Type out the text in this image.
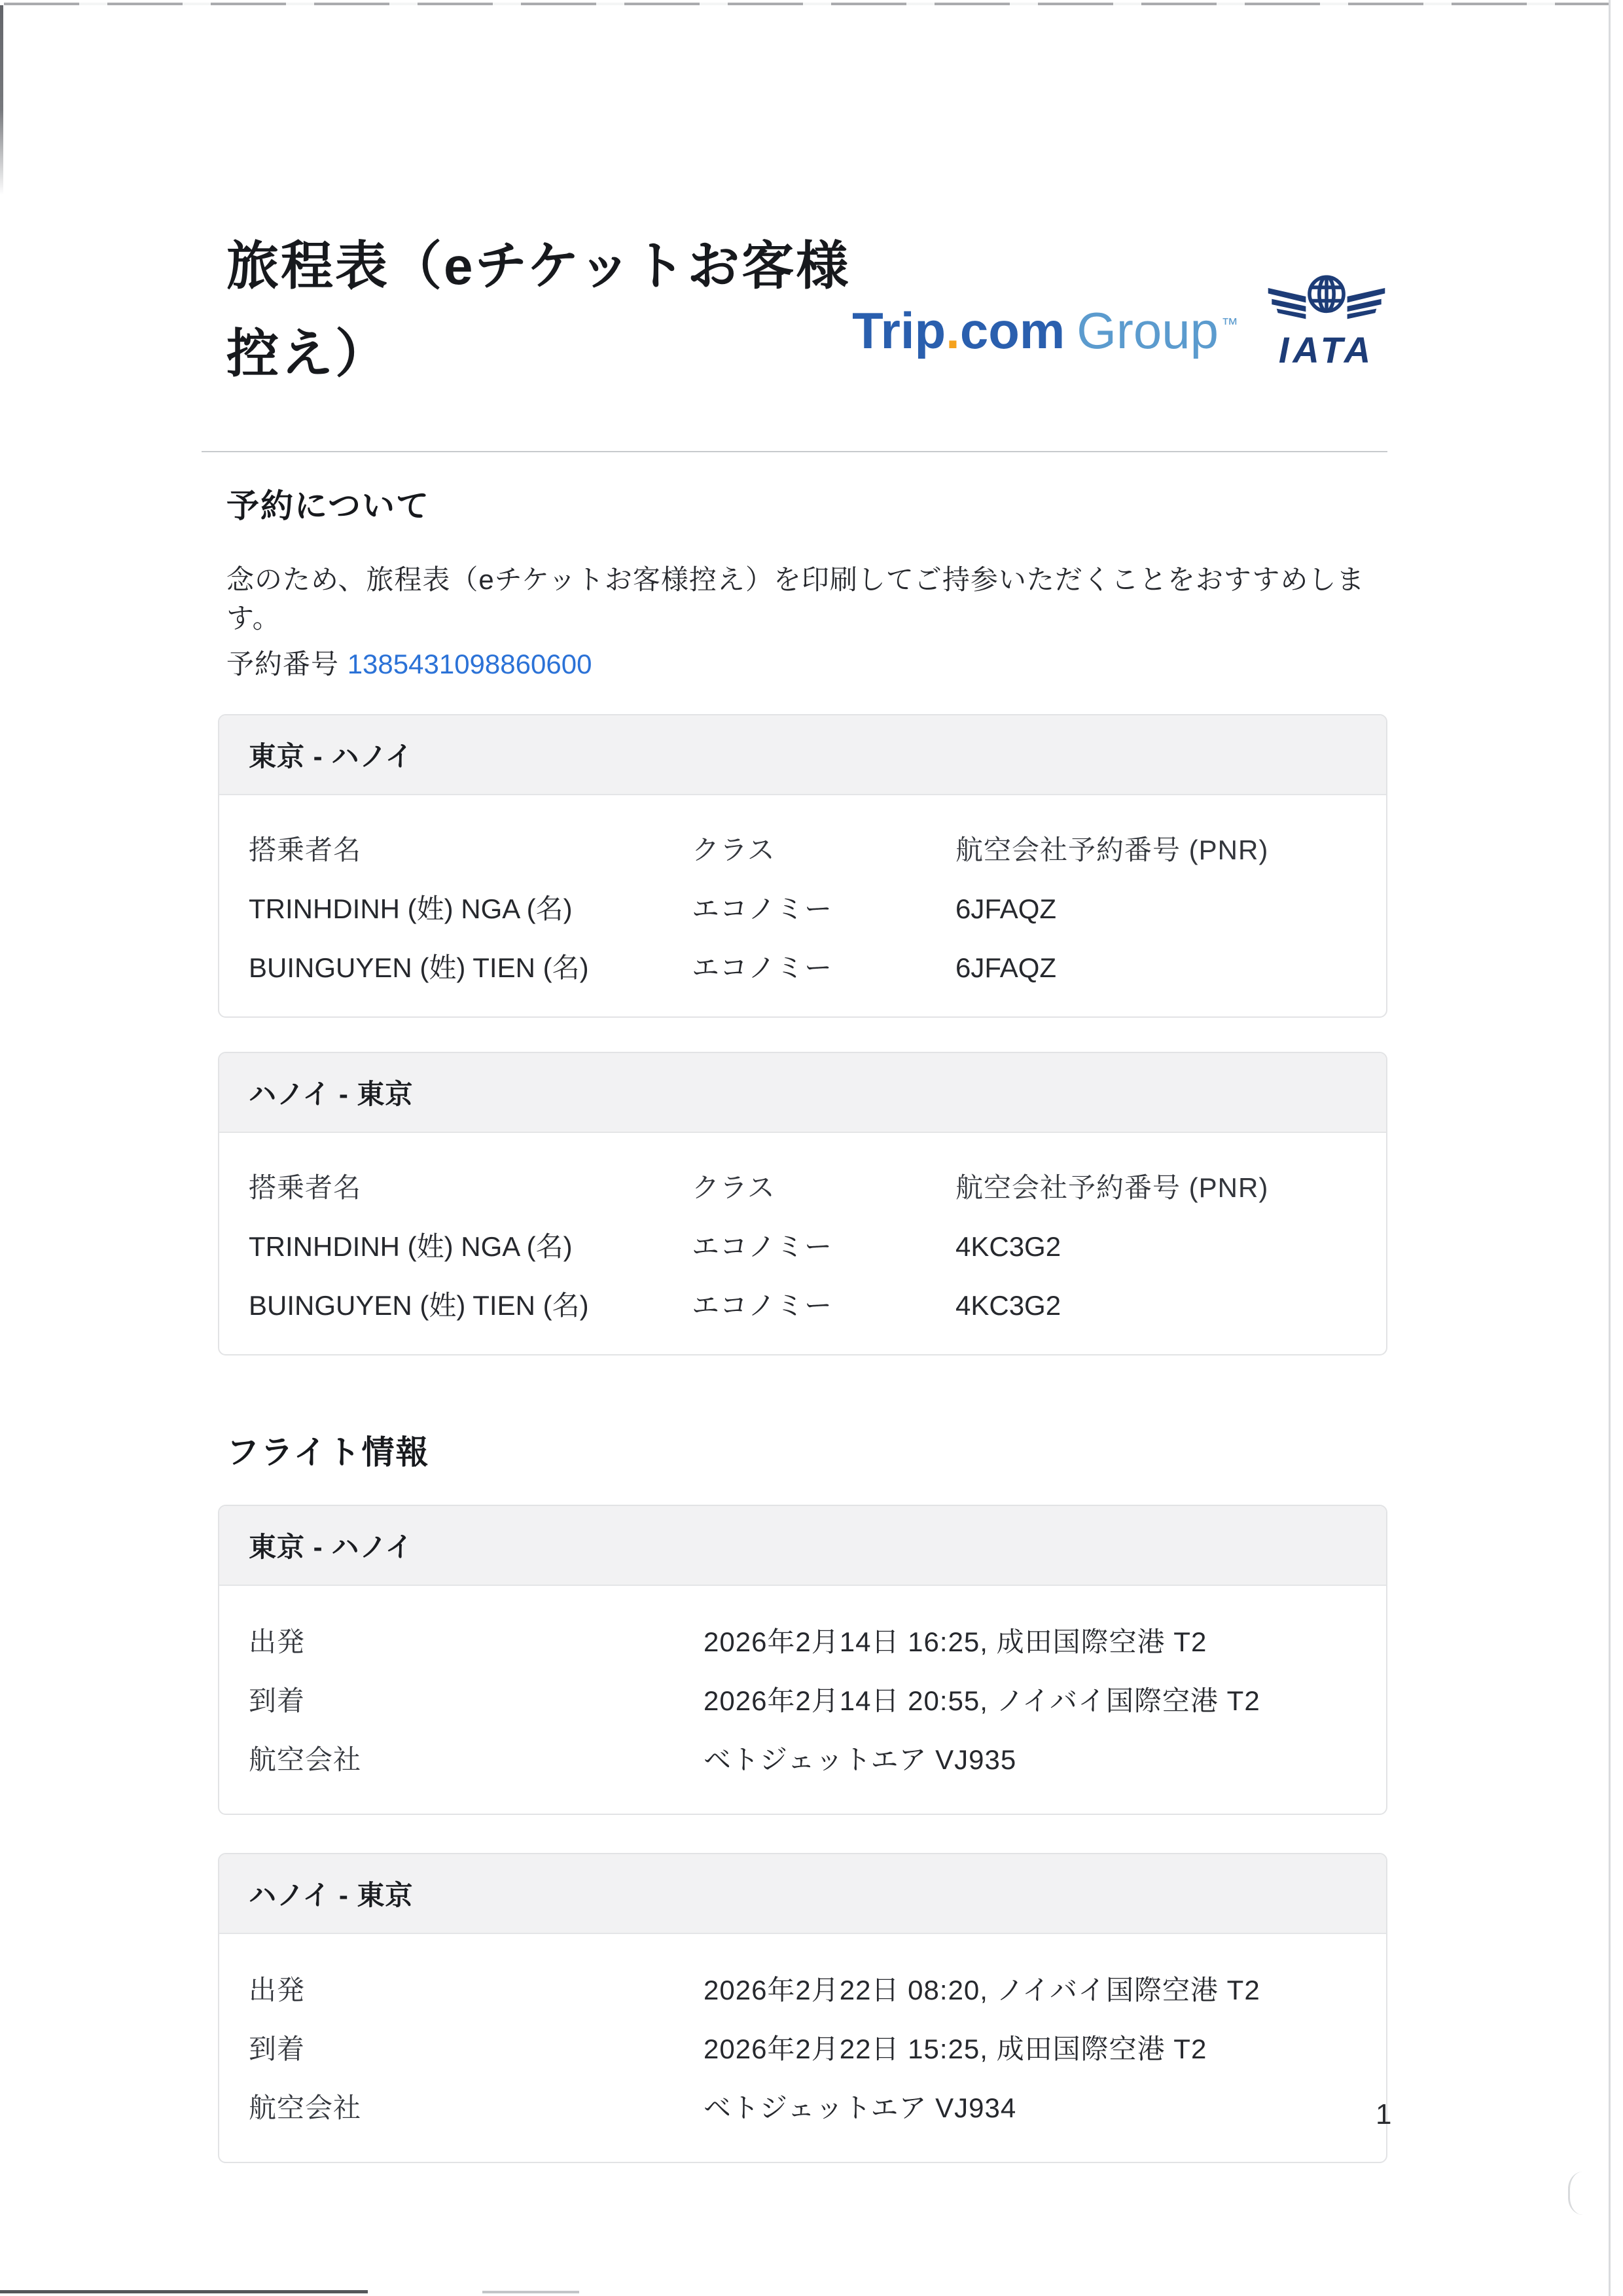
旅程表（eチケットお客様
控え）	Trip.com Group ™
IATA
予約について

念のため、旅程表（eチケットお客様控え）を印刷してご持参いただくことをおすすめします。

予約番号 1385431098860600

東京 - ハノイ
搭乗者名	クラス	航空会社予約番号 (PNR)
TRINHDINH (姓) NGA (名)	エコノミー	6JFAQZ
BUINGUYEN (姓) TIEN (名)	エコノミー	6JFAQZ
ハノイ - 東京
搭乗者名	クラス	航空会社予約番号 (PNR)
TRINHDINH (姓) NGA (名)	エコノミー	4KC3G2
BUINGUYEN (姓) TIEN (名)	エコノミー	4KC3G2
フライト情報
東京 - ハノイ
出発	2026年2月14日 16:25, 成田国際空港 T2
到着	2026年2月14日 20:55, ノイバイ国際空港 T2
航空会社	ベトジェットエア VJ935
ハノイ - 東京
出発	2026年2月22日 08:20, ノイバイ国際空港 T2
到着	2026年2月22日 15:25, 成田国際空港 T2
航空会社	ベトジェットエア VJ934	1
